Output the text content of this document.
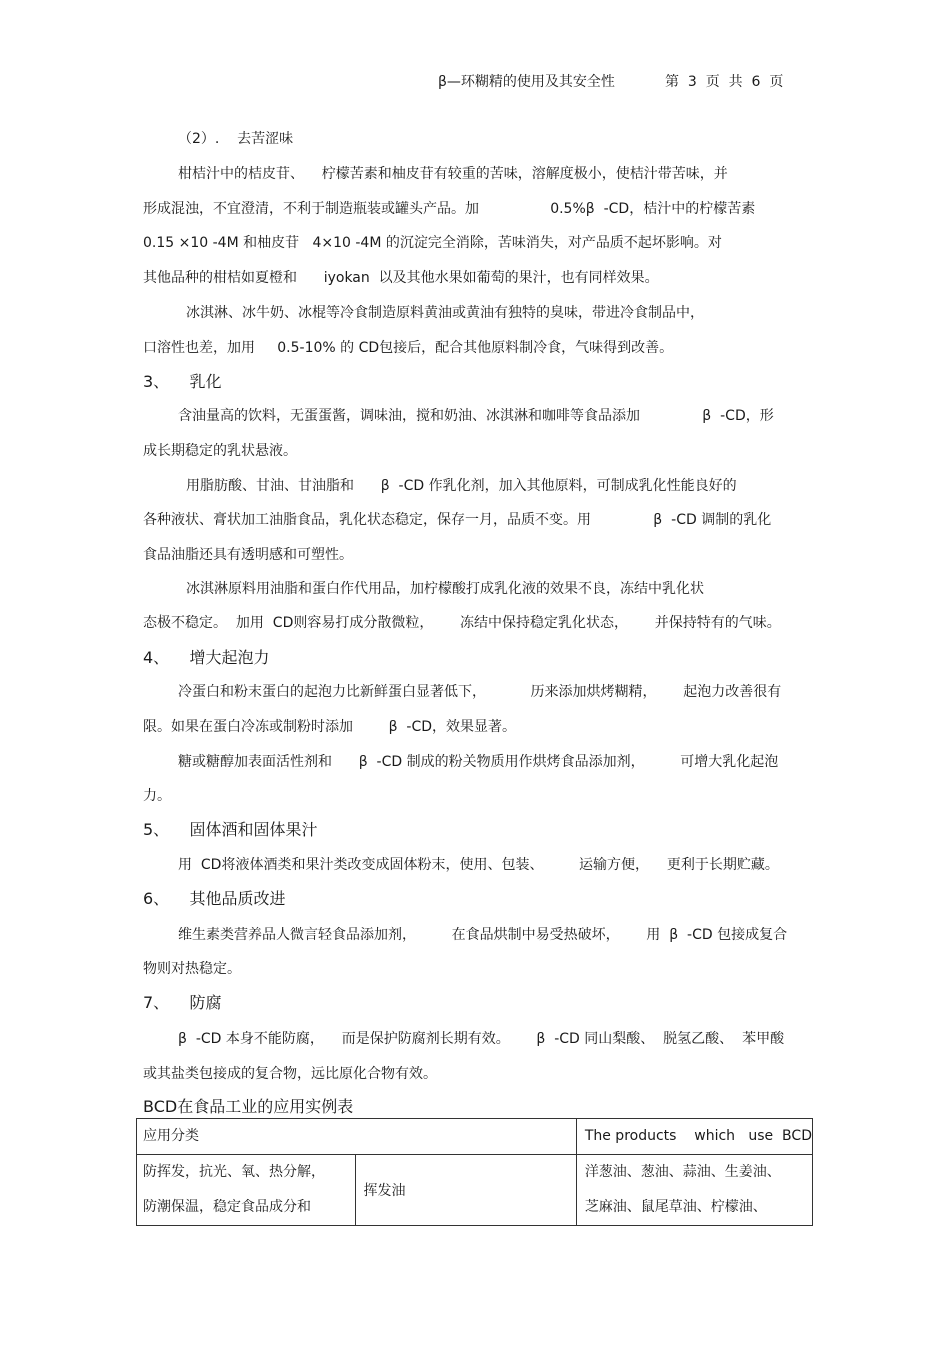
β—环糊精的使用及其安全性	第  3  页  共  6  页
（2）.    去苦涩味
柑桔汁中的桔皮苷、    柠檬苦素和柚皮苷有较重的苦味，溶解度极小，使桔汁带苦味，并
形成混浊，不宜澄清，不利于制造瓶装或罐头产品。加                0.5%β  -CD，桔汁中的柠檬苦素
0.15 ×10 -4M 和柚皮苷   4×10 -4M 的沉淀完全消除，苦味消失，对产品质不起坏影响。对
其他品种的柑桔如夏橙和      iyokan  以及其他水果如葡萄的果汁，也有同样效果。
冰淇淋、冰牛奶、冰棍等冷食制造原料黄油或黄油有独特的臭味，带进冷食制品中，
口溶性也差，加用     0.5-10% 的 CD包接后，配合其他原料制冷食，气味得到改善。
3、    乳化
含油量高的饮料，无蛋蛋酱，调味油，搅和奶油、冰淇淋和咖啡等食品添加              β  -CD，形
成长期稳定的乳状悬液。
用脂肪酸、甘油、甘油脂和      β  -CD 作乳化剂，加入其他原料，可制成乳化性能良好的
各种液状、膏状加工油脂食品，乳化状态稳定，保存一月，品质不变。用              β  -CD 调制的乳化
食品油脂还具有透明感和可塑性。
冰淇淋原料用油脂和蛋白作代用品，加柠檬酸打成乳化液的效果不良，冻结中乳化状
态极不稳定。  加用  CD则容易打成分散微粒，      冻结中保持稳定乳化状态，      并保持特有的气味。
4、    增大起泡力
冷蛋白和粉末蛋白的起泡力比新鲜蛋白显著低下，          历来添加烘烤糊精，      起泡力改善很有
限。如果在蛋白冷冻或制粉时添加        β  -CD，效果显著。
糖或糖醇加表面活性剂和      β  -CD 制成的粉关物质用作烘烤食品添加剂，        可增大乳化起泡
力。
5、    固体酒和固体果汁
用  CD将液体酒类和果汁类改变成固体粉末，使用、包装、        运输方便，    更利于长期贮藏。
6、    其他品质改进
维生素类营养品人微言轻食品添加剂，        在食品烘制中易受热破坏，      用  β  -CD 包接成复合
物则对热稳定。
7、    防腐
β  -CD 本身不能防腐，    而是保护防腐剂长期有效。      β  -CD 同山梨酸、  脱氢乙酸、  苯甲酸
或其盐类包接成的复合物，远比原化合物有效。
BCD在食品工业的应用实例表
应用分类		The products    which   use  BCD

防挥发，抗光、氧、热分解，
防潮保温，稳定食品成分和	挥发油	洋葱油、葱油、蒜油、生姜油、
芝麻油、鼠尾草油、柠檬油、
